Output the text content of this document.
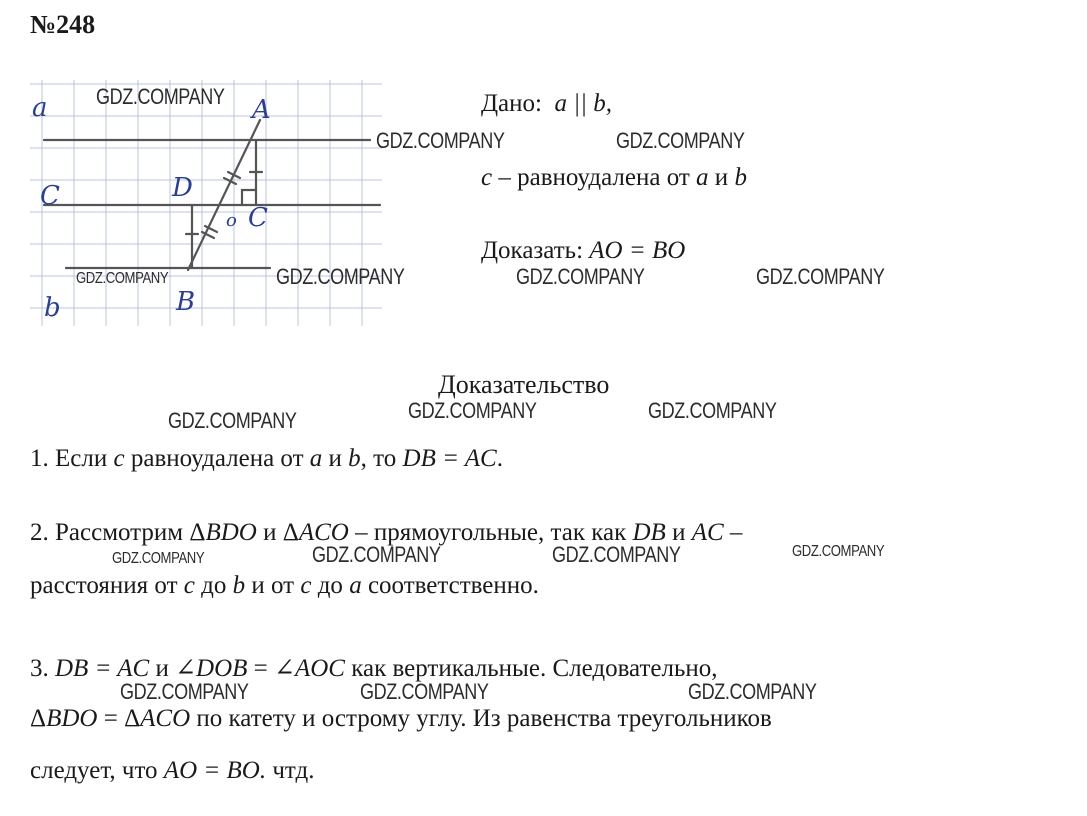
№248
a	A
C	D
o C
b	B
Дано: a || b,
c – равноудалена от a и b
Доказать: AO = BO
Доказательство
1. Если c равноудалена от a и b, то DB = AC.
2. Рассмотрим ΔBDO и ΔACO – прямоугольные, так как DB и AC –
расстояния от c до b и от c до a соответственно.
3. DB = AC и ∠DOB = ∠AOC как вертикальные. Следовательно,
ΔBDO = ΔACO по катету и острому углу. Из равенства треугольников
следует, что AO = BO. чтд.
GDZ.COMPANY
GDZ.COMPANY	GDZ.COMPANY
GDZ.COMPANY	GDZ.COMPANY	GDZ.COMPANY	GDZ.COMPANY
GDZ.COMPANY	GDZ.COMPANY	GDZ.COMPANY
GDZ.COMPANY	GDZ.COMPANY	GDZ.COMPANY	GDZ.COMPANY
GDZ.COMPANY	GDZ.COMPANY	GDZ.COMPANY
